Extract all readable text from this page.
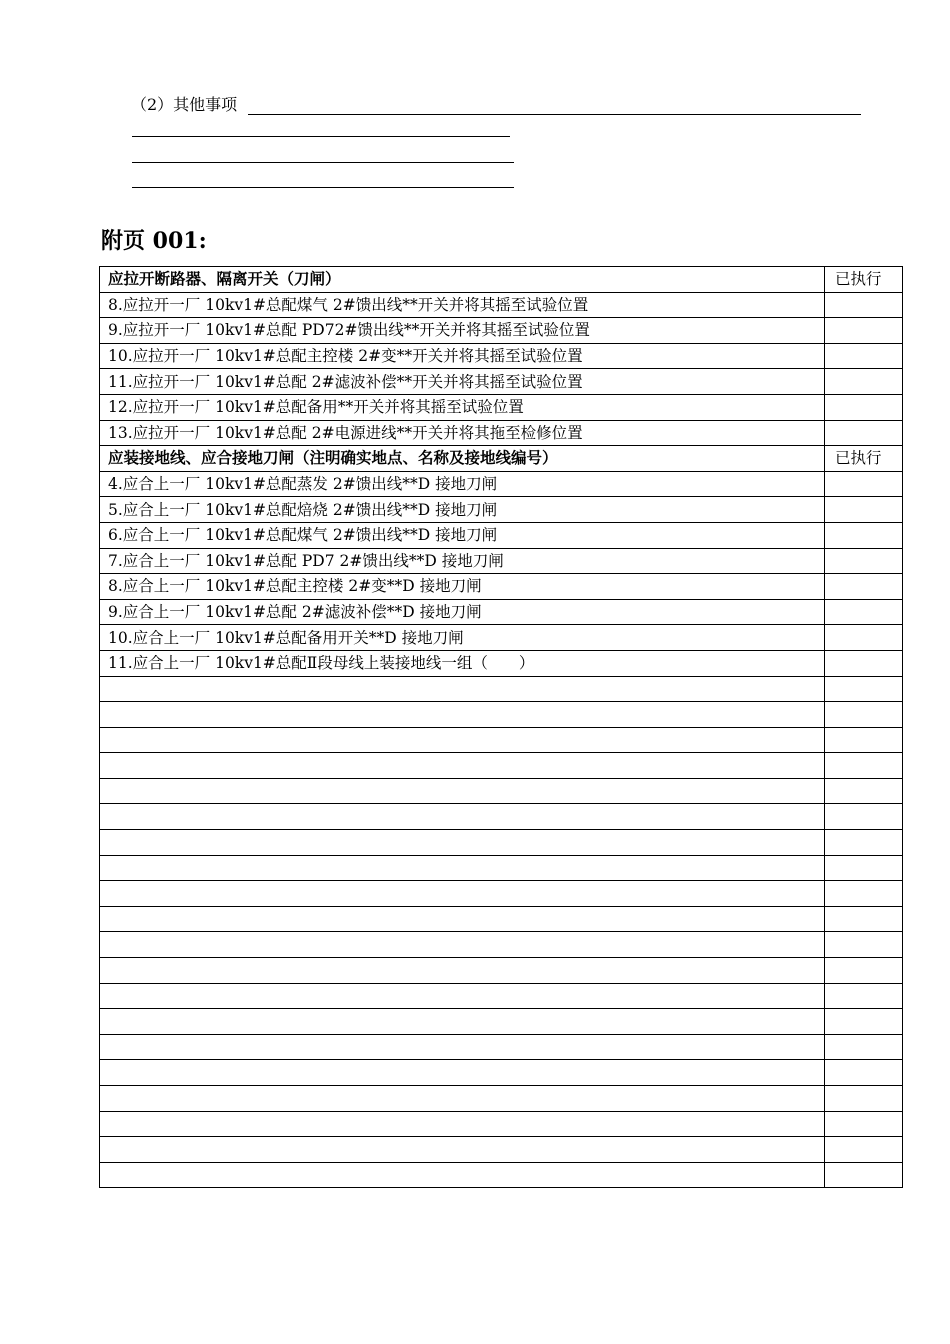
（2）其他事项
附页 001:
应拉开断路器、隔离开关（刀闸）	已执行
8.应拉开一厂 10kv1#总配煤气 2#馈出线**开关并将其摇至试验位置	
9.应拉开一厂 10kv1#总配 PD72#馈出线**开关并将其摇至试验位置	
10.应拉开一厂 10kv1#总配主控楼 2#变**开关并将其摇至试验位置	
11.应拉开一厂 10kv1#总配 2#滤波补偿**开关并将其摇至试验位置	
12.应拉开一厂 10kv1#总配备用**开关并将其摇至试验位置	
13.应拉开一厂 10kv1#总配 2#电源进线**开关并将其拖至检修位置	
应装接地线、应合接地刀闸（注明确实地点、名称及接地线编号）	已执行
4.应合上一厂 10kv1#总配蒸发 2#馈出线**D 接地刀闸	
5.应合上一厂 10kv1#总配焙烧 2#馈出线**D 接地刀闸	
6.应合上一厂 10kv1#总配煤气 2#馈出线**D 接地刀闸	
7.应合上一厂 10kv1#总配 PD7 2#馈出线**D 接地刀闸	
8.应合上一厂 10kv1#总配主控楼 2#变**D 接地刀闸	
9.应合上一厂 10kv1#总配 2#滤波补偿**D 接地刀闸	
10.应合上一厂 10kv1#总配备用开关**D 接地刀闸	
11.应合上一厂 10kv1#总配Ⅱ段母线上装接地线一组（　　）	
